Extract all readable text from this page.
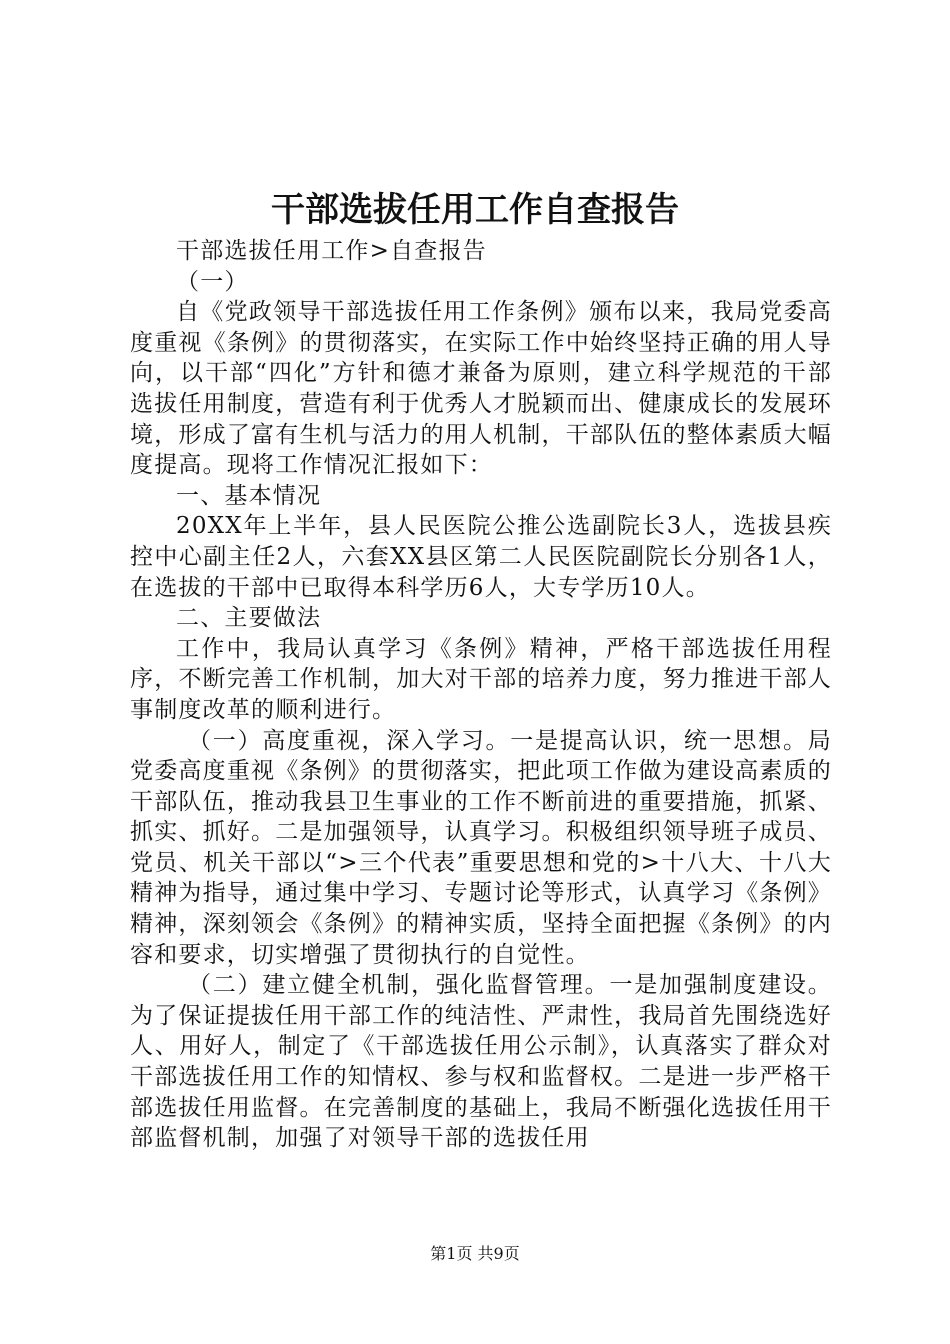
干部选拔任用工作自查报告

干部选拔任用工作>自查报告

（一）

自《党政领导干部选拔任用工作条例》颁布以来，我局党委高度重视《条例》的贯彻落实，在实际工作中始终坚持正确的用人导向，以干部“四化”方针和德才兼备为原则，建立科学规范的干部选拔任用制度，营造有利于优秀人才脱颖而出、健康成长的发展环境，形成了富有生机与活力的用人机制，干部队伍的整体素质大幅度提高。现将工作情况汇报如下：

一、基本情况

20XX年上半年，县人民医院公推公选副院长3人，选拔县疾控中心副主任2人，六套XX县区第二人民医院副院长分别各1人，在选拔的干部中已取得本科学历6人，大专学历10人。

二、主要做法

工作中，我局认真学习《条例》精神，严格干部选拔任用程序，不断完善工作机制，加大对干部的培养力度，努力推进干部人事制度改革的顺利进行。

（一）高度重视，深入学习。一是提高认识，统一思想。局党委高度重视《条例》的贯彻落实，把此项工作做为建设高素质的干部队伍，推动我县卫生事业的工作不断前进的重要措施，抓紧、抓实、抓好。二是加强领导，认真学习。积极组织领导班子成员、党员、机关干部以“>三个代表”重要思想和党的>十八大、十八大精神为指导，通过集中学习、专题讨论等形式，认真学习《条例》精神，深刻领会《条例》的精神实质，坚持全面把握《条例》的内容和要求，切实增强了贯彻执行的自觉性。

（二）建立健全机制，强化监督管理。一是加强制度建设。为了保证提拔任用干部工作的纯洁性、严肃性，我局首先围绕选好人、用好人，制定了《干部选拔任用公示制》，认真落实了群众对干部选拔任用工作的知情权、参与权和监督权。二是进一步严格干部选拔任用监督。在完善制度的基础上，我局不断强化选拔任用干部监督机制，加强了对领导干部的选拔任用

第1页 共9页
